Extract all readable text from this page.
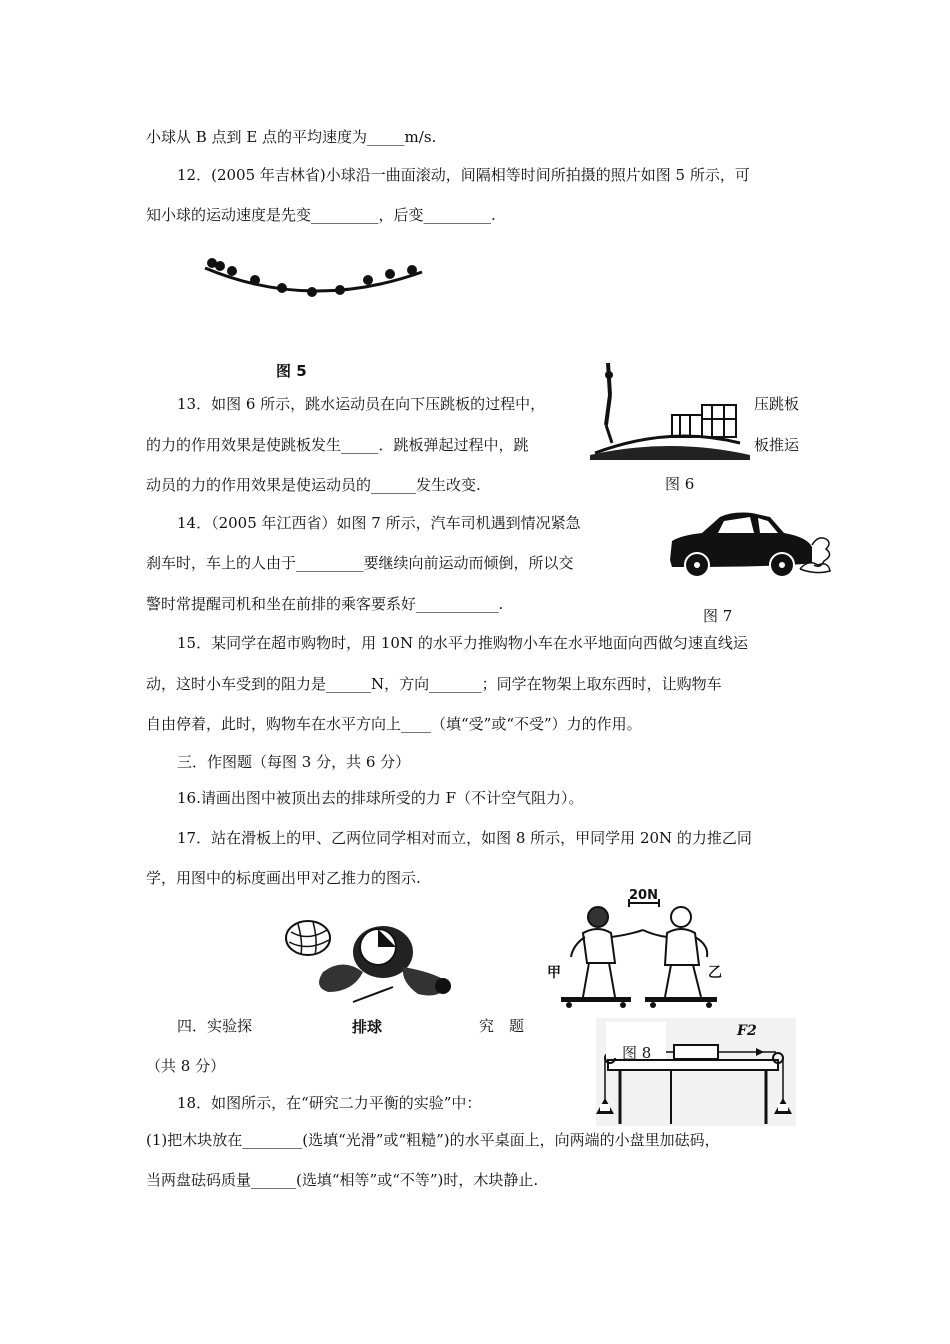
小球从 B 点到 E 点的平均速度为_____m/s.
12．(2005 年吉林省)小球沿一曲面滚动，间隔相等时间所拍摄的照片如图 5 所示，可
知小球的运动速度是先变_________，后变_________.
图 5
13．如图 6 所示，跳水运动员在向下压跳板的过程中，	压跳板
的力的作用效果是使跳板发生_____．跳板弹起过程中，跳	板推运
动员的力的作用效果是使运动员的______发生改变.	图 6
14．（2005 年江西省）如图 7 所示，汽车司机遇到情况紧急
刹车时，车上的人由于_________要继续向前运动而倾倒，所以交
警时常提醒司机和坐在前排的乘客要系好___________.
图 7
15．某同学在超市购物时，用 10N 的水平力推购物小车在水平地面向西做匀速直线运
动，这时小车受到的阻力是______N，方向_______；同学在物架上取东西时，让购物车
自由停着，此时，购物车在水平方向上____（填“受”或“不受”）力的作用。
三．作图题（每图 3 分，共 6 分）
16.请画出图中被顶出去的排球所受的力 F（不计空气阻力）。
17．站在滑板上的甲、乙两位同学相对而立，如图 8 所示，甲同学用 20N 的力推乙同
学，用图中的标度画出甲对乙推力的图示.
排球
20N
甲	乙
四．实验探	究　题
（共 8 分）
图 8
F2
18．如图所示，在“研究二力平衡的实验”中：
(1)把木块放在________(选填“光滑”或“粗糙”)的水平桌面上，向两端的小盘里加砝码，
当两盘砝码质量______(选填“相等”或“不等”)时，木块静止.
